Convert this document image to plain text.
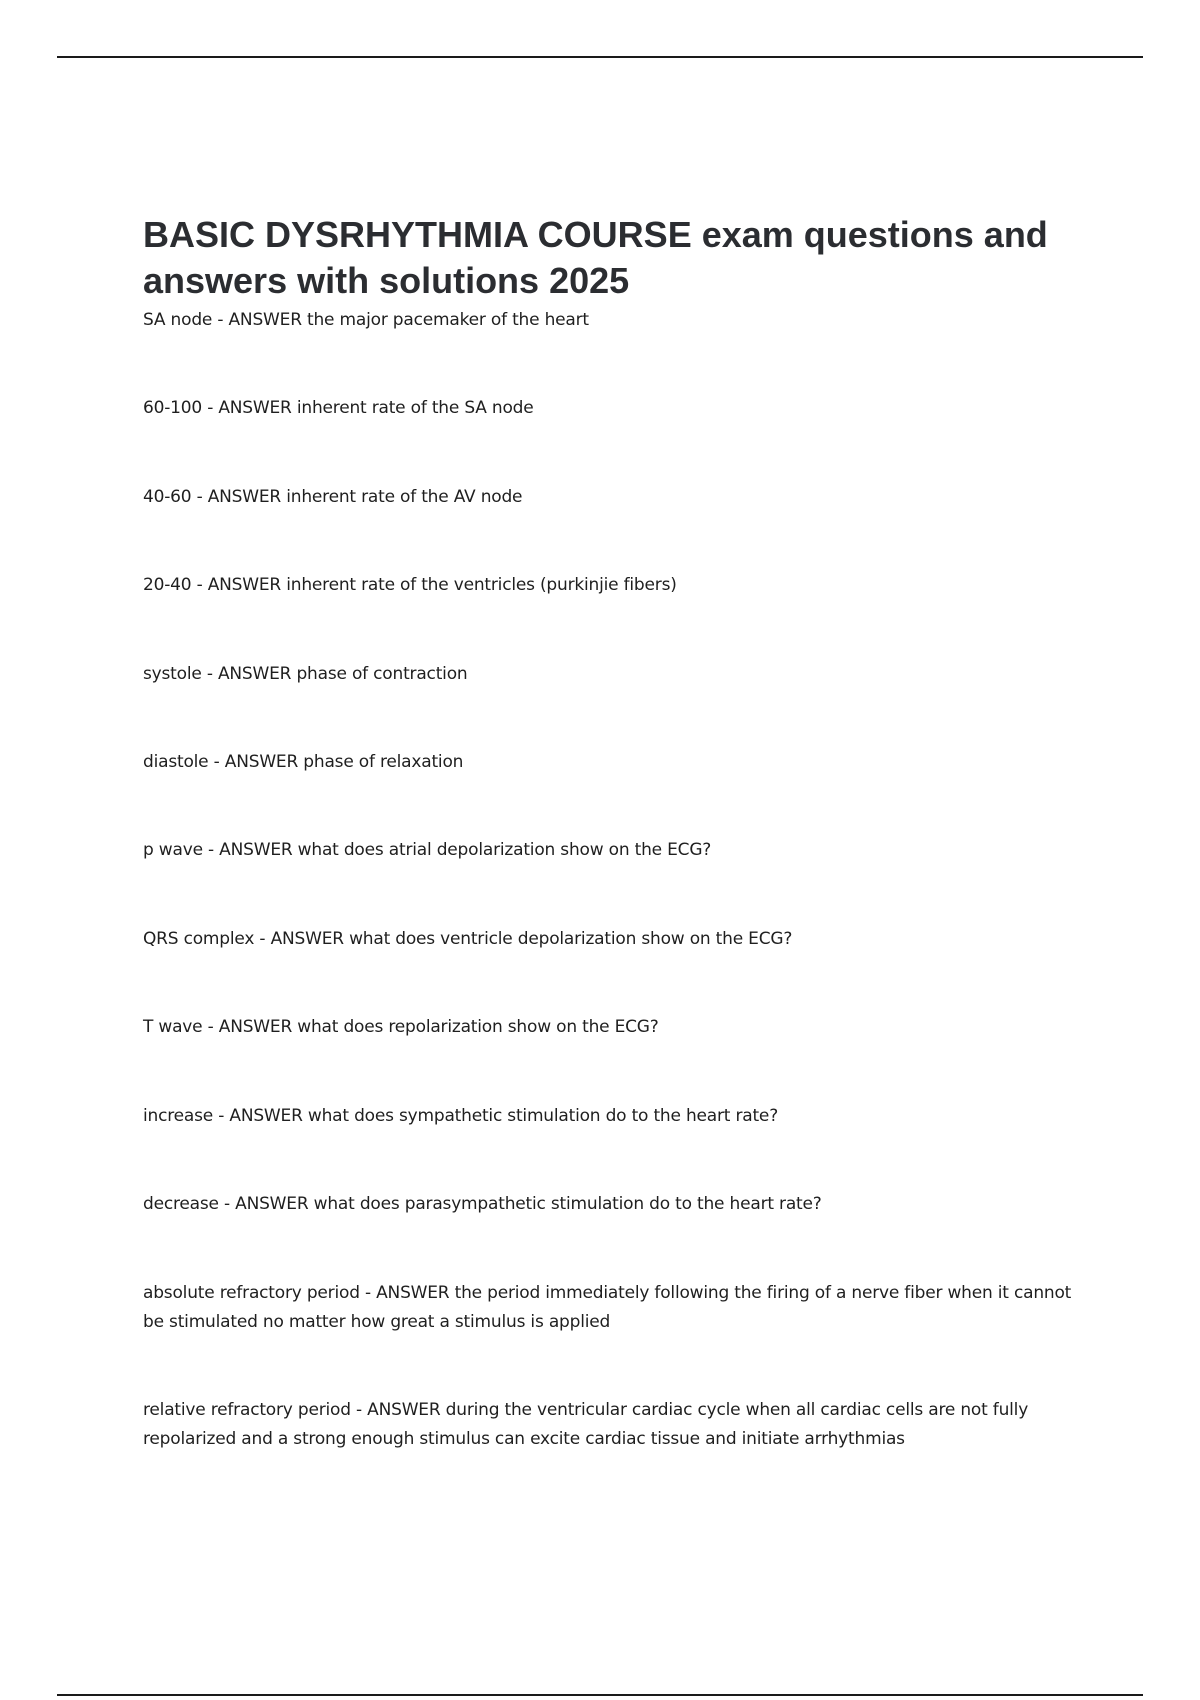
BASIC DYSRHYTHMIA COURSE exam questions and answers with solutions 2025

SA node - ANSWER the major pacemaker of the heart

60-100 - ANSWER inherent rate of the SA node

40-60 - ANSWER inherent rate of the AV node

20-40 - ANSWER inherent rate of the ventricles (purkinjie fibers)

systole - ANSWER phase of contraction

diastole - ANSWER phase of relaxation

p wave - ANSWER what does atrial depolarization show on the ECG?

QRS complex - ANSWER what does ventricle depolarization show on the ECG?

T wave - ANSWER what does repolarization show on the ECG?

increase - ANSWER what does sympathetic stimulation do to the heart rate?

decrease - ANSWER what does parasympathetic stimulation do to the heart rate?

absolute refractory period - ANSWER the period immediately following the firing of a nerve fiber when it cannot be stimulated no matter how great a stimulus is applied

relative refractory period - ANSWER during the ventricular cardiac cycle when all cardiac cells are not fully repolarized and a strong enough stimulus can excite cardiac tissue and initiate arrhythmias
